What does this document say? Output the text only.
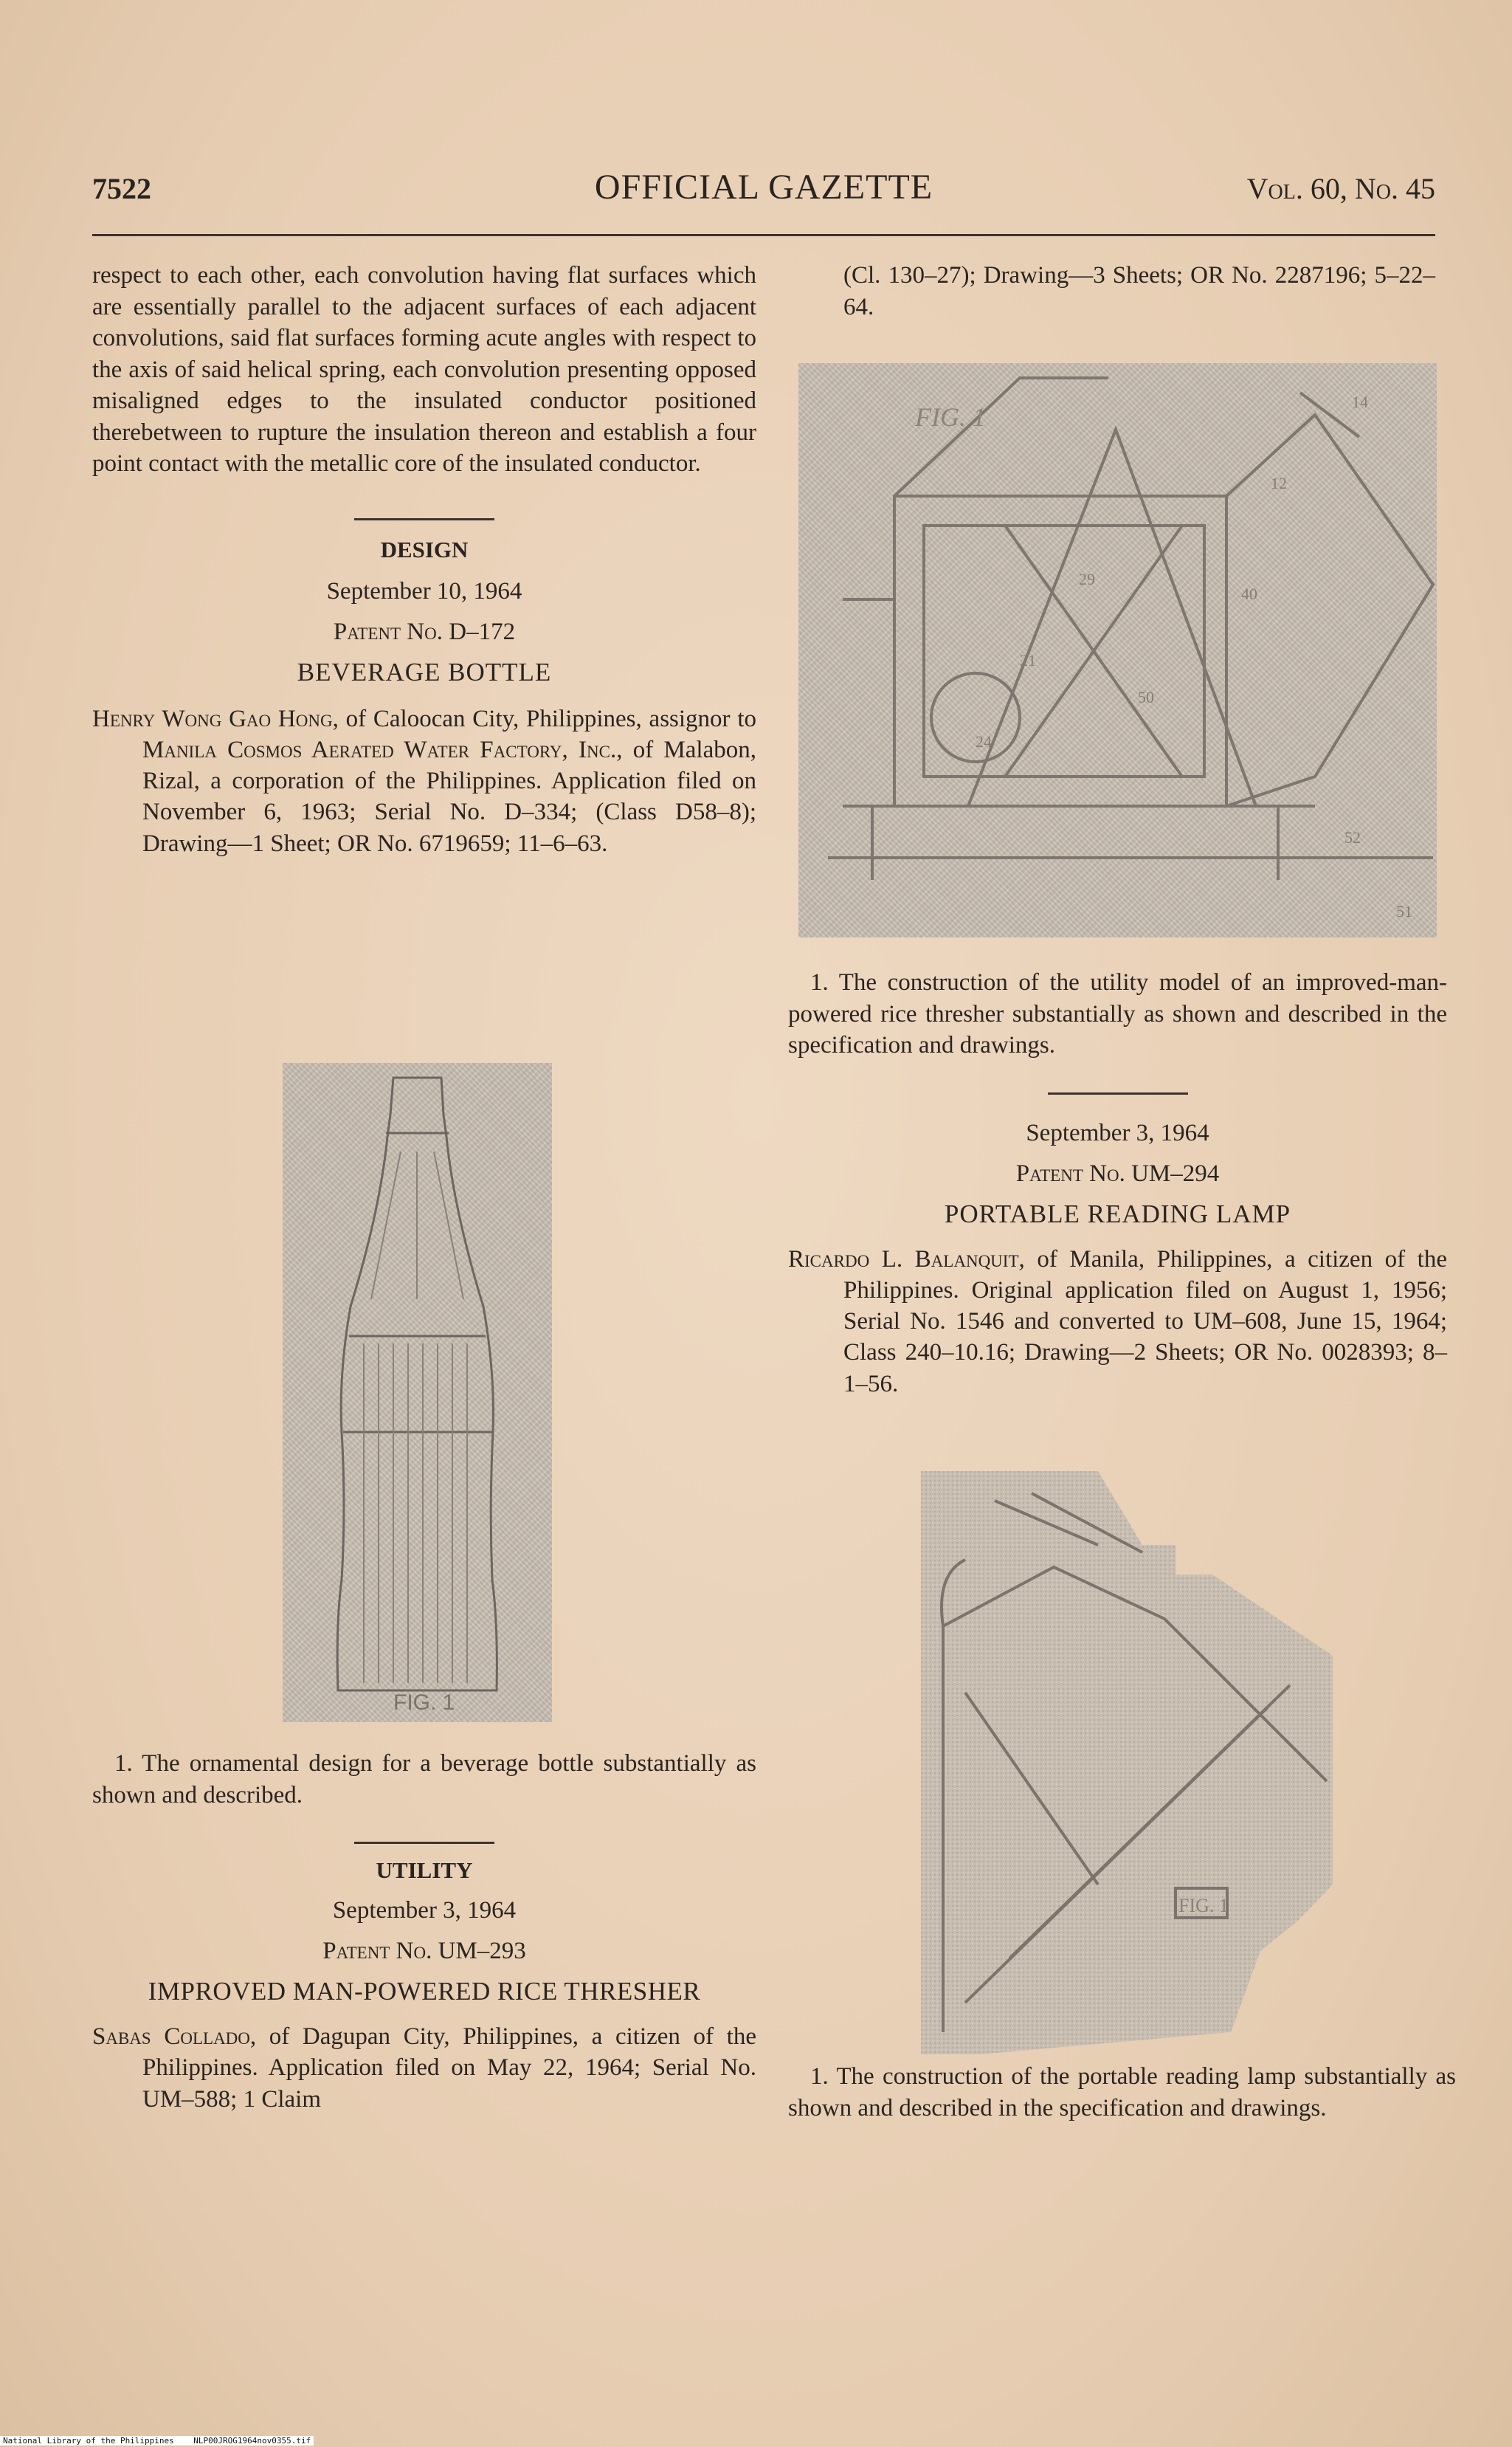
7522	OFFICIAL GAZETTE	Vol. 60, No. 45

respect to each other, each convolution having flat surfaces which are essentially parallel to the adjacent surfaces of each adjacent convolutions, said flat surfaces forming acute angles with respect to the axis of said helical spring, each convolution presenting opposed misaligned edges to the insulated conductor positioned therebetween to rupture the insulation thereon and establish a four point contact with the metallic core of the insulated conductor.

DESIGN
September 10, 1964
Patent No. D–172
BEVERAGE BOTTLE

Henry Wong Gao Hong, of Caloocan City, Philippines, assignor to Manila Cosmos Aerated Water Factory, Inc., of Malabon, Rizal, a corporation of the Philippines. Application filed on November 6, 1963; Serial No. D–334; (Class D58–8); Drawing—1 Sheet; OR No. 6719659; 11–6–63.

FIG. 1

1. The ornamental design for a beverage bottle substantially as shown and described.

UTILITY
September 3, 1964
Patent No. UM–293
IMPROVED MAN-POWERED RICE THRESHER

Sabas Collado, of Dagupan City, Philippines, a citizen of the Philippines. Application filed on May 22, 1964; Serial No. UM–588; 1 Claim

(Cl. 130–27); Drawing—3 Sheets; OR No. 2287196; 5–22–64.

12
40
29
21
50
24
52
51
14
FIG. 1

1. The construction of the utility model of an improved-man-powered rice thresher substantially as shown and described in the specification and drawings.

September 3, 1964
Patent No. UM–294
PORTABLE READING LAMP

Ricardo L. Balanquit, of Manila, Philippines, a citizen of the Philippines. Original application filed on August 1, 1956; Serial No. 1546 and converted to UM–608, June 15, 1964; Class 240–10.16; Drawing—2 Sheets; OR No. 0028393; 8–1–56.

FIG. 1

1. The construction of the portable reading lamp substantially as shown and described in the specification and drawings.

National Library of the Philippines    NLP00JROG1964nov0355.tif
